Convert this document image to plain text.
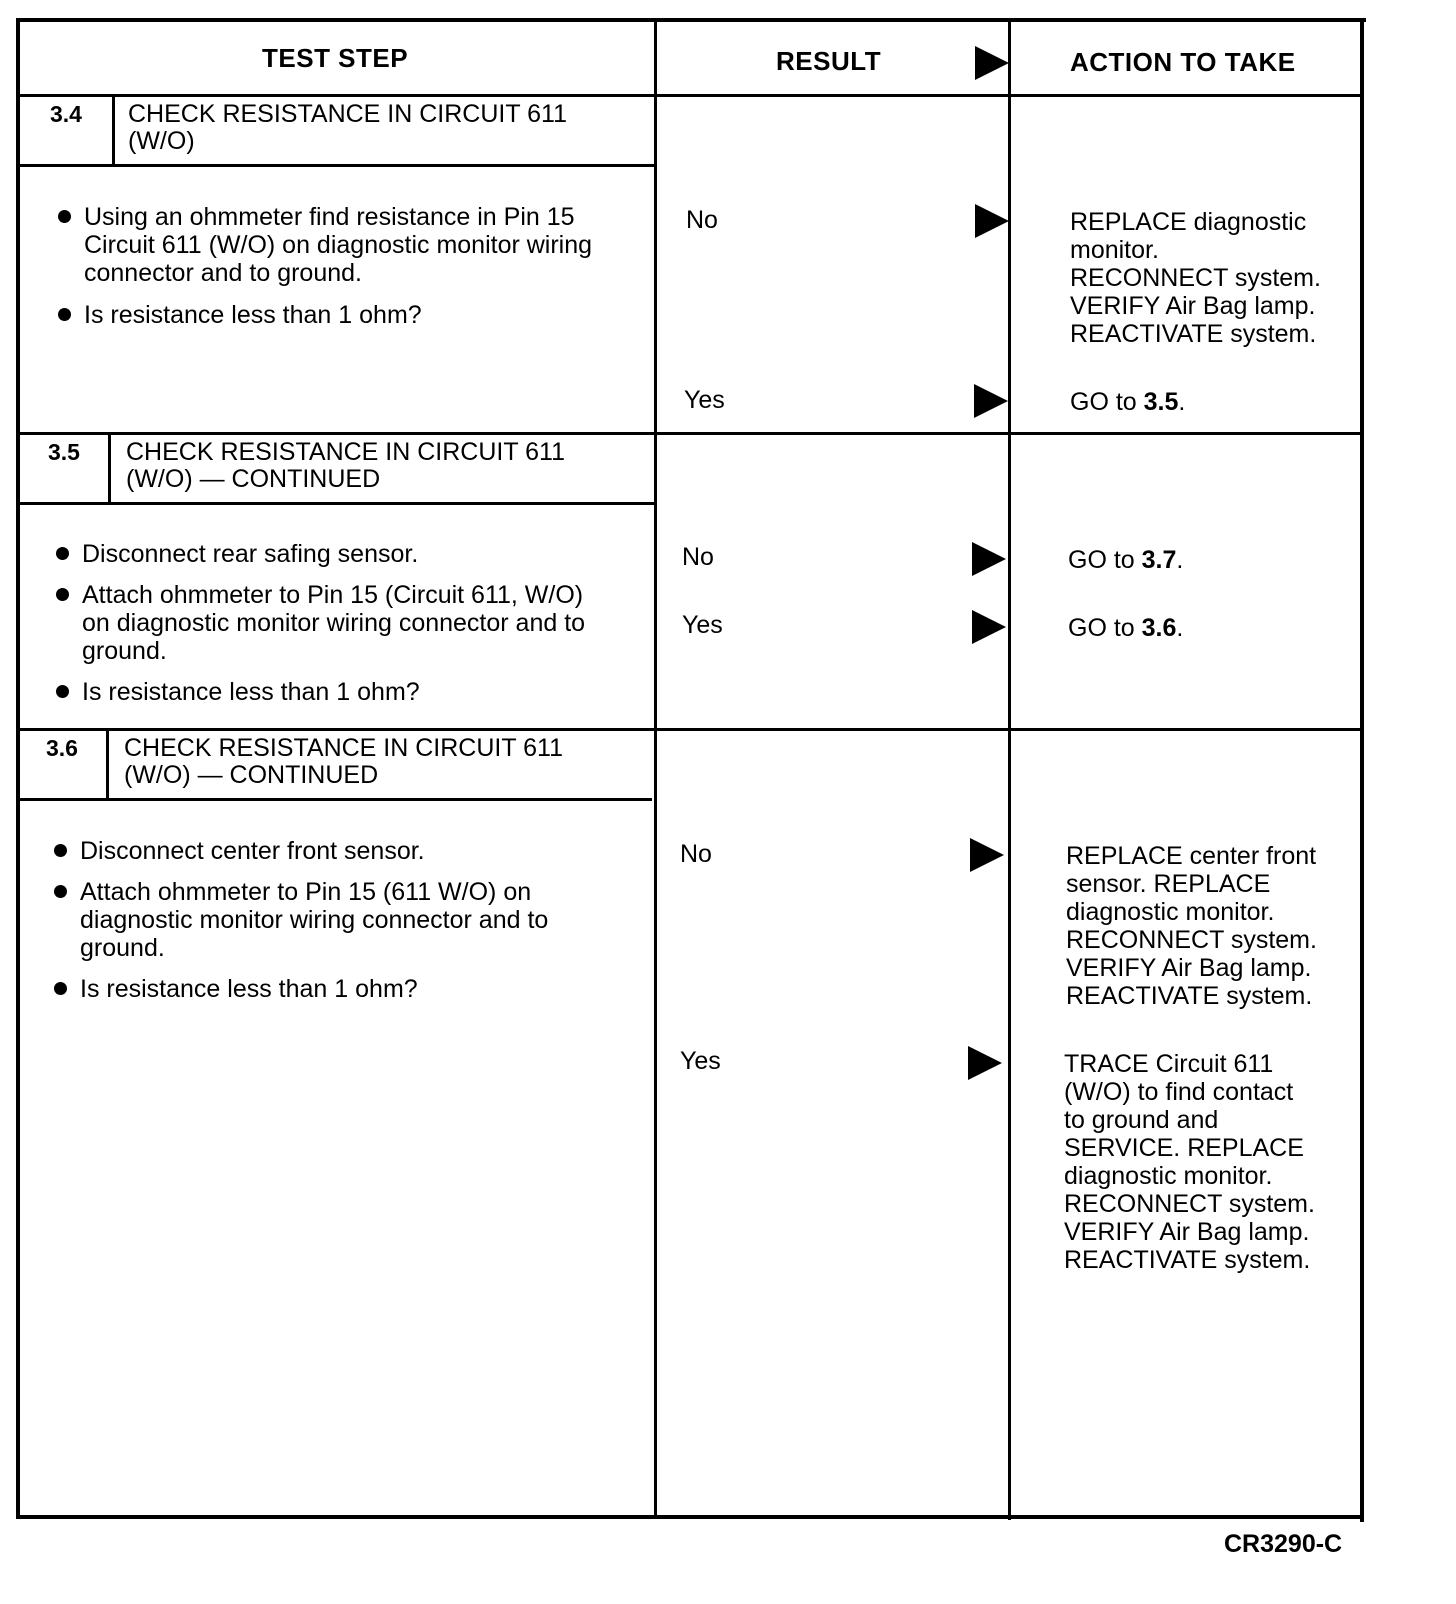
TEST STEP	RESULT	ACTION TO TAKE
3.4 CHECK RESISTANCE IN CIRCUIT 611
(W/O)
Using an ohmmeter find resistance in Pin 15
Circuit 611 (W/O) on diagnostic monitor wiring
connector and to ground.
Is resistance less than 1 ohm?
No	REPLACE diagnostic
monitor.
RECONNECT system.
VERIFY Air Bag lamp.
REACTIVATE system.
Yes	GO to 3.5.
3.5 CHECK RESISTANCE IN CIRCUIT 611
(W/O) — CONTINUED
Disconnect rear safing sensor.
Attach ohmmeter to Pin 15 (Circuit 611, W/O)
on diagnostic monitor wiring connector and to
ground.
Is resistance less than 1 ohm?
No	GO to 3.7.
Yes	GO to 3.6.
3.6 CHECK RESISTANCE IN CIRCUIT 611
(W/O) — CONTINUED
Disconnect center front sensor.
Attach ohmmeter to Pin 15 (611 W/O) on
diagnostic monitor wiring connector and to
ground.
Is resistance less than 1 ohm?
No	REPLACE center front
sensor. REPLACE
diagnostic monitor.
RECONNECT system.
VERIFY Air Bag lamp.
REACTIVATE system.
Yes	TRACE Circuit 611
(W/O) to find contact
to ground and
SERVICE. REPLACE
diagnostic monitor.
RECONNECT system.
VERIFY Air Bag lamp.
REACTIVATE system.
CR3290-C
